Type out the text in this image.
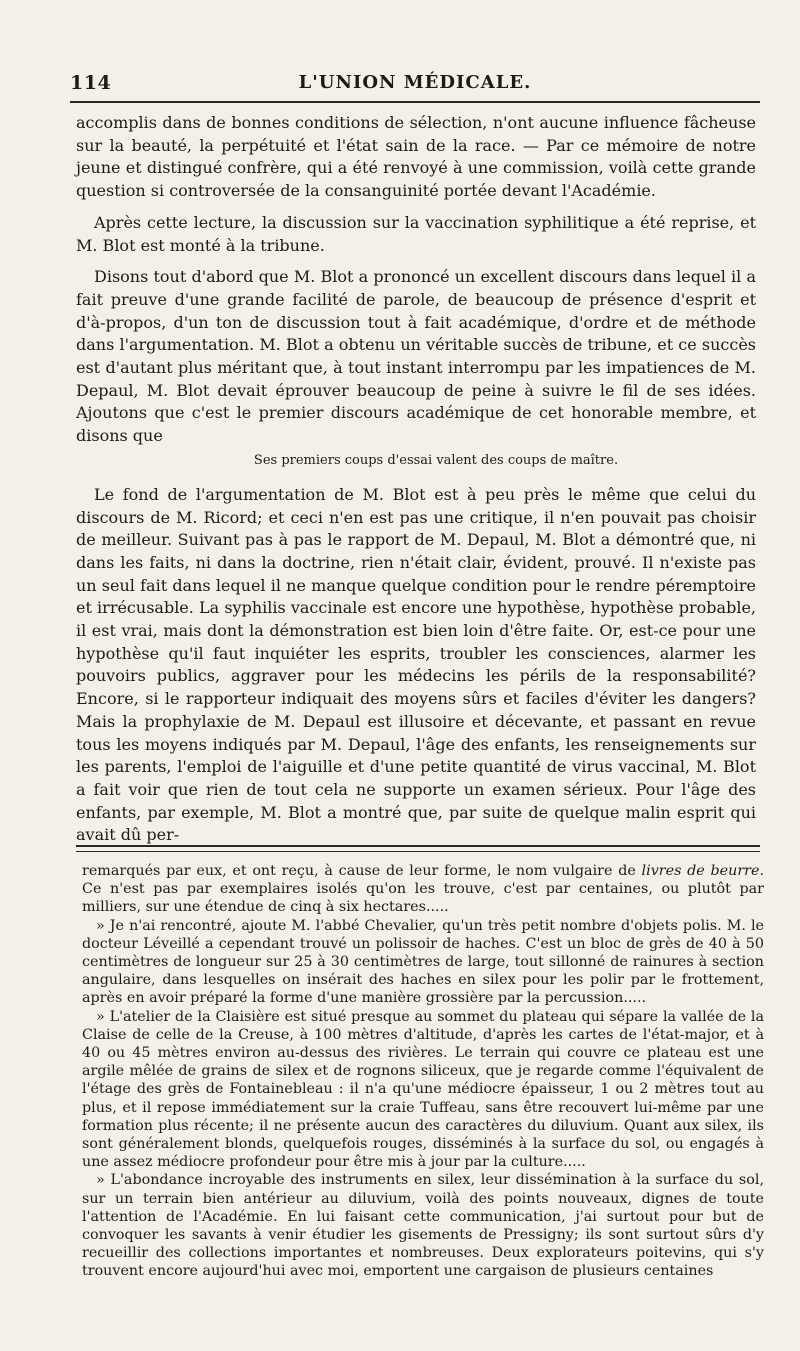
114	L'UNION MÉDICALE.

accomplis dans de bonnes conditions de sélection, n'ont aucune influence fâcheuse sur la beauté, la perpétuité et l'état sain de la race. — Par ce mémoire de notre jeune et distingué confrère, qui a été renvoyé à une commission, voilà cette grande question si controversée de la consanguinité portée devant l'Académie.

Après cette lecture, la discussion sur la vaccination syphilitique a été reprise, et M. Blot est monté à la tribune.

Disons tout d'abord que M. Blot a prononcé un excellent discours dans lequel il a fait preuve d'une grande facilité de parole, de beaucoup de présence d'esprit et d'à-propos, d'un ton de discussion tout à fait académique, d'ordre et de méthode dans l'argumentation. M. Blot a obtenu un véritable succès de tribune, et ce succès est d'autant plus méritant que, à tout instant interrompu par les impatiences de M. Depaul, M. Blot devait éprouver beaucoup de peine à suivre le fil de ses idées. Ajoutons que c'est le premier discours académique de cet honorable membre, et disons que

Ses premiers coups d'essai valent des coups de maître.

Le fond de l'argumentation de M. Blot est à peu près le même que celui du discours de M. Ricord; et ceci n'en est pas une critique, il n'en pouvait pas choisir de meilleur. Suivant pas à pas le rapport de M. Depaul, M. Blot a démontré que, ni dans les faits, ni dans la doctrine, rien n'était clair, évident, prouvé. Il n'existe pas un seul fait dans lequel il ne manque quelque condition pour le rendre péremptoire et irrécusable. La syphilis vaccinale est encore une hypothèse, hypothèse probable, il est vrai, mais dont la démonstration est bien loin d'être faite. Or, est-ce pour une hypothèse qu'il faut inquiéter les esprits, troubler les consciences, alarmer les pouvoirs publics, aggraver pour les médecins les périls de la responsabilité? Encore, si le rapporteur indiquait des moyens sûrs et faciles d'éviter les dangers? Mais la prophylaxie de M. Depaul est illusoire et décevante, et passant en revue tous les moyens indiqués par M. Depaul, l'âge des enfants, les renseignements sur les parents, l'emploi de l'aiguille et d'une petite quantité de virus vaccinal, M. Blot a fait voir que rien de tout cela ne supporte un examen sérieux. Pour l'âge des enfants, par exemple, M. Blot a montré que, par suite de quelque malin esprit qui avait dû per-

remarqués par eux, et ont reçu, à cause de leur forme, le nom vulgaire de livres de beurre. Ce n'est pas par exemplaires isolés qu'on les trouve, c'est par centaines, ou plutôt par milliers, sur une étendue de cinq à six hectares.....

» Je n'ai rencontré, ajoute M. l'abbé Chevalier, qu'un très petit nombre d'objets polis. M. le docteur Léveillé a cependant trouvé un polissoir de haches. C'est un bloc de grès de 40 à 50 centimètres de longueur sur 25 à 30 centimètres de large, tout sillonné de rainures à section angulaire, dans lesquelles on insérait des haches en silex pour les polir par le frottement, après en avoir préparé la forme d'une manière grossière par la percussion.....

» L'atelier de la Claisière est situé presque au sommet du plateau qui sépare la vallée de la Claise de celle de la Creuse, à 100 mètres d'altitude, d'après les cartes de l'état-major, et à 40 ou 45 mètres environ au-dessus des rivières. Le terrain qui couvre ce plateau est une argile mêlée de grains de silex et de rognons siliceux, que je regarde comme l'équivalent de l'étage des grès de Fontainebleau : il n'a qu'une médiocre épaisseur, 1 ou 2 mètres tout au plus, et il repose immédiatement sur la craie Tuffeau, sans être recouvert lui-même par une formation plus récente; il ne présente aucun des caractères du diluvium. Quant aux silex, ils sont généralement blonds, quelquefois rouges, disséminés à la surface du sol, ou engagés à une assez médiocre profondeur pour être mis à jour par la culture.....

» L'abondance incroyable des instruments en silex, leur dissémination à la surface du sol, sur un terrain bien antérieur au diluvium, voilà des points nouveaux, dignes de toute l'attention de l'Académie. En lui faisant cette communication, j'ai surtout pour but de convoquer les savants à venir étudier les gisements de Pressigny; ils sont surtout sûrs d'y recueillir des collections importantes et nombreuses. Deux explorateurs poitevins, qui s'y trouvent encore aujourd'hui avec moi, emportent une cargaison de plusieurs centaines
